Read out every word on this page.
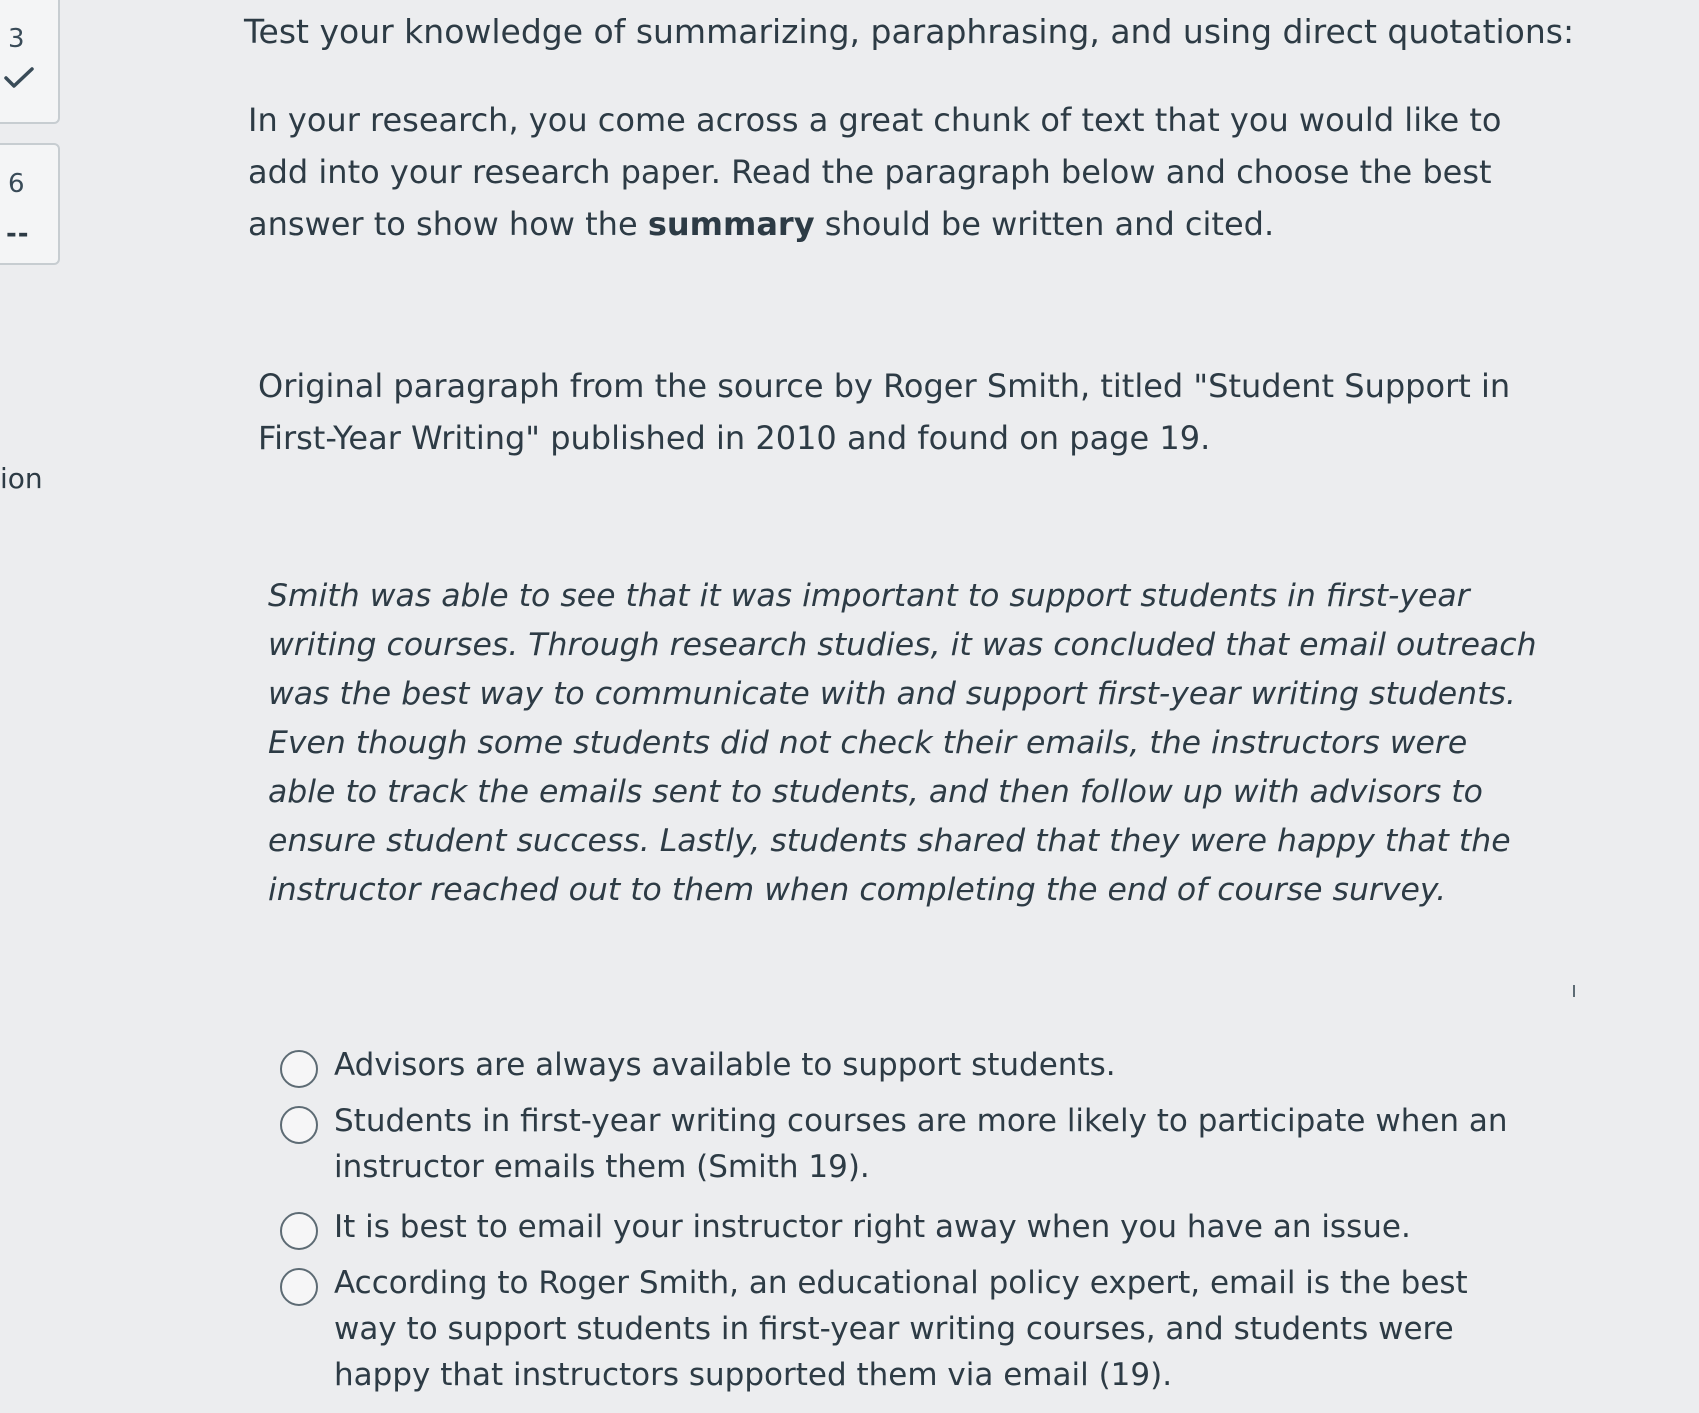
3
6
--
ion
Test your knowledge of summarizing, paraphrasing, and using direct quotations:

In your research, you come across a great chunk of text that you would like to add into your research paper. Read the paragraph below and choose the best answer to show how the summary should be written and cited.

Original paragraph from the source by Roger Smith, titled "Student Support in First-Year Writing" published in 2010 and found on page 19.

Smith was able to see that it was important to support students in first-year writing courses. Through research studies, it was concluded that email outreach was the best way to communicate with and support first-year writing students. Even though some students did not check their emails, the instructors were able to track the emails sent to students, and then follow up with advisors to ensure student success. Lastly, students shared that they were happy that the instructor reached out to them when completing the end of course survey.

Advisors are always available to support students.
Students in first-year writing courses are more likely to participate when an instructor emails them (Smith 19).
It is best to email your instructor right away when you have an issue.
According to Roger Smith, an educational policy expert, email is the best way to support students in first-year writing courses, and students were happy that instructors supported them via email (19).
